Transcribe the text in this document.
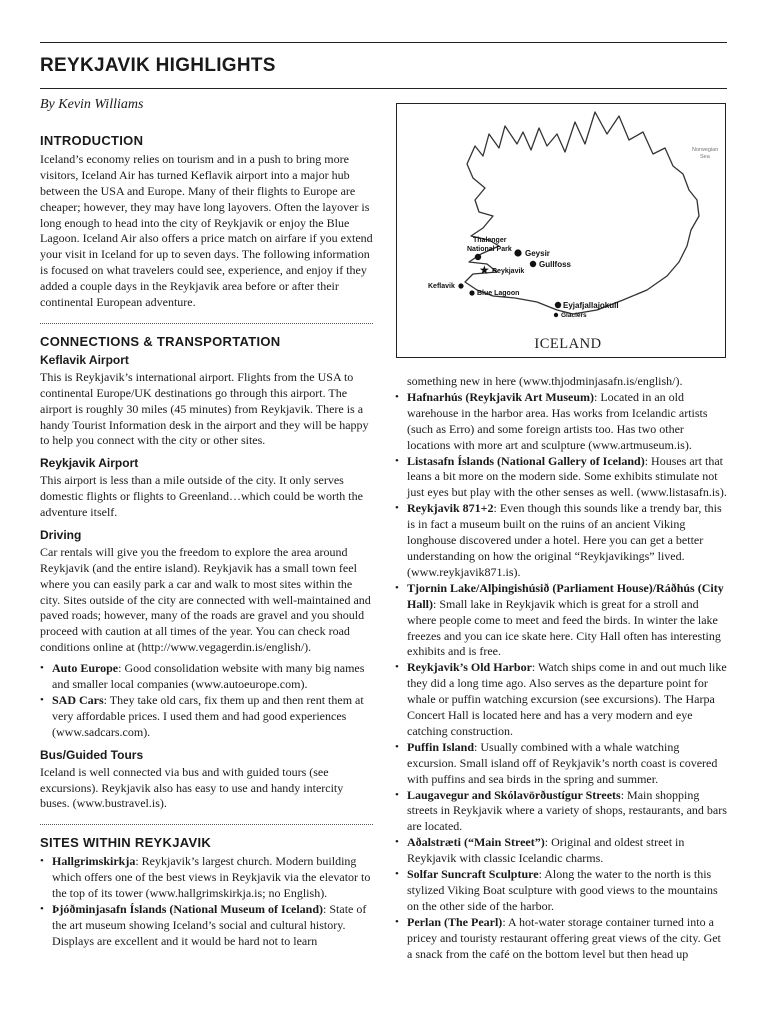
REYKJAVIK HIGHLIGHTS
By Kevin Williams
Norwegian
Sea
Thalenger
National Park Geysir
Gullfoss
★ Reykjavik
Keflavik
Blue Lagoon
Eyjafjallajokull
Glaciers
ICELAND
INTRODUCTION

Iceland’s economy relies on tourism and in a push to bring more visitors, Iceland Air has turned Keflavik airport into a major hub between the USA and Europe. Many of their flights to Europe are cheaper; however, they may have long layovers. Often the layover is long enough to head into the city of Reykjavik or enjoy the Blue Lagoon. Iceland Air also offers a price match on airfare if you extend your visit in Iceland for up to seven days. The following information is focused on what travelers could see, experience, and enjoy if they added a couple days in the Reykjavik area before or after their continental European adventure.

CONNECTIONS & TRANSPORTATION
Keflavik Airport

This is Reykjavik’s international airport. Flights from the USA to continental Europe/UK destinations go through this airport. The airport is roughly 30 miles (45 minutes) from Reykjavik. There is a handy Tourist Information desk in the airport and they will be happy to help you connect with the city or other sites.

Reykjavik Airport

This airport is less than a mile outside of the city. It only serves domestic flights or flights to Greenland…which could be worth the adventure itself.

Driving

Car rentals will give you the freedom to explore the area around Reykjavik (and the entire island). Reykjavik has a small town feel where you can easily park a car and walk to most sites within the city. Sites outside of the city are connected with well-maintained and paved roads; however, many of the roads are gravel and you should proceed with caution at all times of the year. You can check road conditions online at (http://www.vegagerdin.is/english/).

• Auto Europe: Good consolidation website with many big names and smaller local companies (www.autoeurope.com).
• SAD Cars: They take old cars, fix them up and then rent them at very affordable prices. I used them and had good experiences (www.sadcars.com).
Bus/Guided Tours

Iceland is well connected via bus and with guided tours (see excursions). Reykjavik also has easy to use and handy intercity buses. (www.bustravel.is).

SITES WITHIN REYKJAVIK
• Hallgrimskirkja: Reykjavik’s largest church. Modern building which offers one of the best views in Reykjavik via the elevator to the top of its tower (www.hallgrimskirkja.is; no English).
• Þjóðminjasafn Íslands (National Museum of Iceland): State of the art museum showing Iceland’s social and cultural history. Displays are excellent and it would be hard not to learn
something new in here (www.thjodminjasafn.is/english/).
• Hafnarhús (Reykjavik Art Museum): Located in an old warehouse in the harbor area. Has works from Icelandic artists (such as Erro) and some foreign artists too. Has two other locations with more art and sculpture (www.artmuseum.is).
• Listasafn Íslands (National Gallery of Iceland): Houses art that leans a bit more on the modern side. Some exhibits stimulate not just eyes but play with the other senses as well. (www.listasafn.is).
• Reykjavik 871+2: Even though this sounds like a trendy bar, this is in fact a museum built on the ruins of an ancient Viking longhouse discovered under a hotel. Here you can get a better understanding on how the original “Reykjavikings” lived. (www.reykjavik871.is).
• Tjornin Lake/Alþingishúsið (Parliament House)/Ráðhús (City Hall): Small lake in Reykjavik which is great for a stroll and where people come to meet and feed the birds. In winter the lake freezes and you can ice skate here. City Hall often has interesting exhibits and is free.
• Reykjavik’s Old Harbor: Watch ships come in and out much like they did a long time ago. Also serves as the departure point for whale or puffin watching excursion (see excursions). The Harpa Concert Hall is located here and has a very modern and eye catching construction.
• Puffin Island: Usually combined with a whale watching excursion. Small island off of Reykjavik’s north coast is covered with puffins and sea birds in the spring and summer.
• Laugavegur and Skólavörðustígur Streets: Main shopping streets in Reykjavik where a variety of shops, restaurants, and bars are located.
• Aðalstræti (“Main Street”): Original and oldest street in Reykjavik with classic Icelandic charms.
• Solfar Suncraft Sculpture: Along the water to the north is this stylized Viking Boat sculpture with good views to the mountains on the other side of the harbor.
• Perlan (The Pearl): A hot-water storage container turned into a pricey and touristy restaurant offering great views of the city. Get a snack from the café on the bottom level but then head up
